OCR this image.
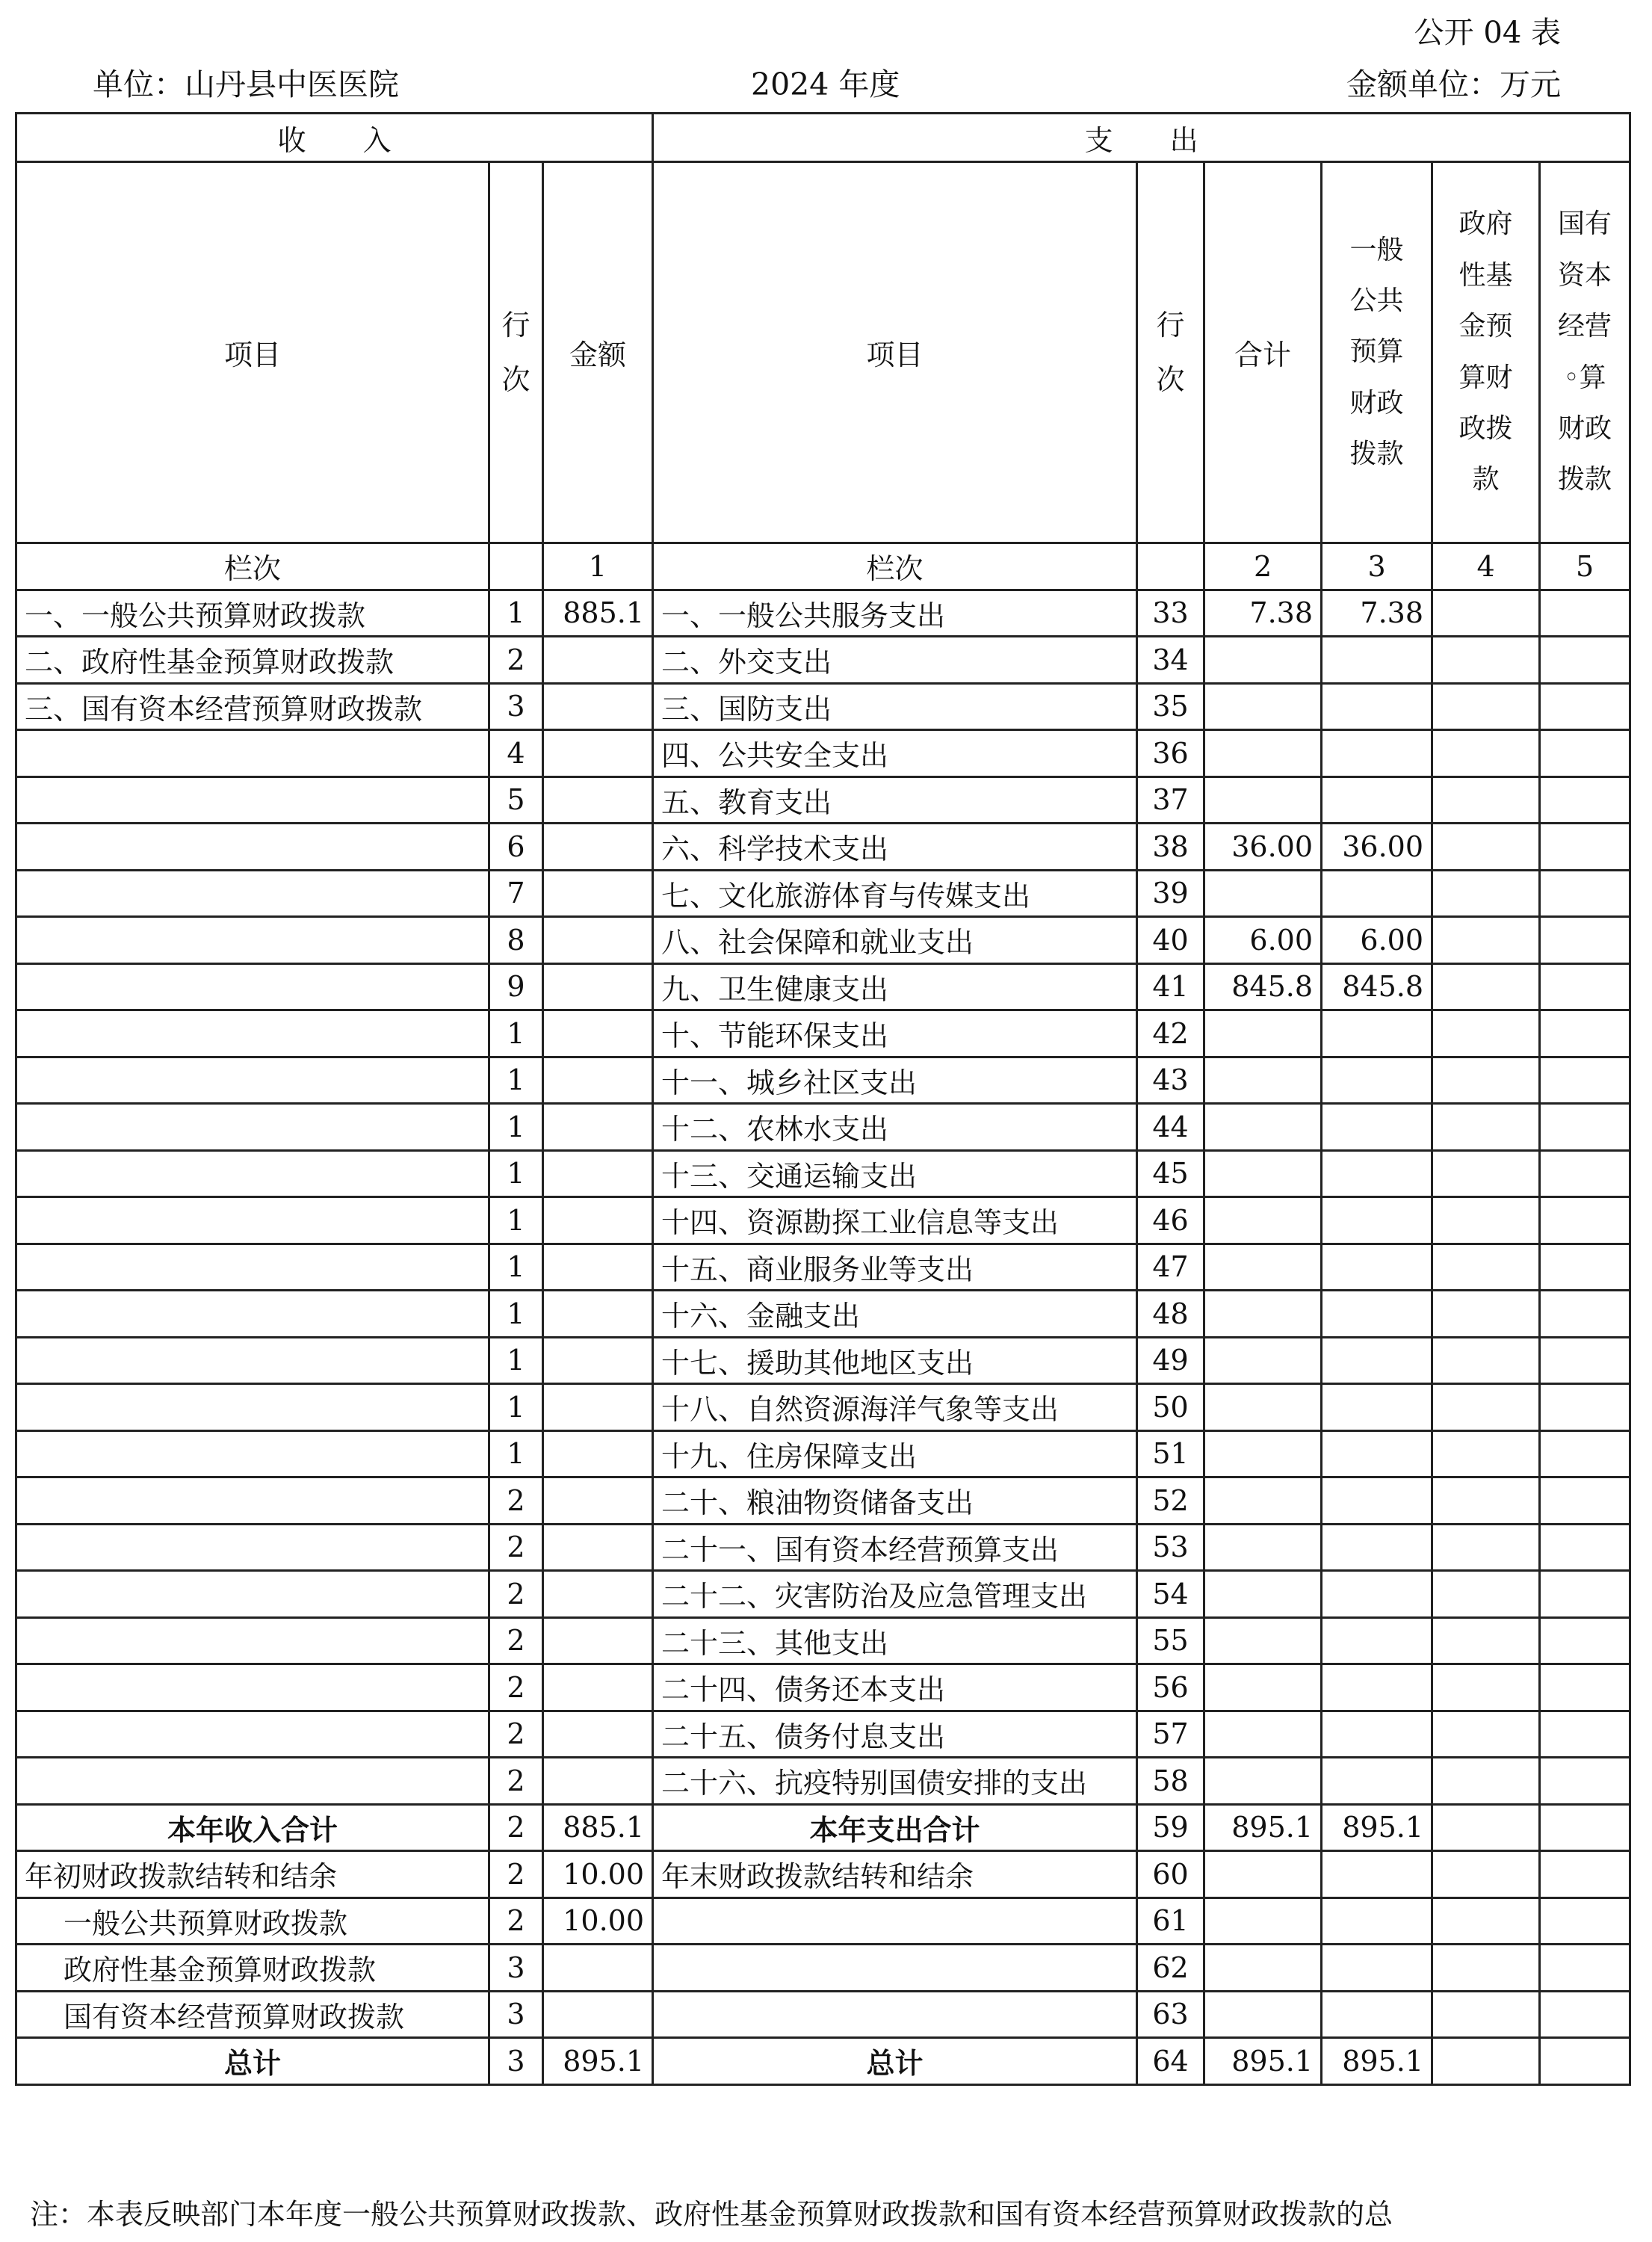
公开 04 表
单位：山丹县中医医院	2024 年度	金额单位：万元
收　　入			支　　出					
项目	行次	金额	项目	行次	合计	一般公共预算财政拨款	政府性基金预算财政拨款	国有资本经营◦算财政拨款
栏次		1	栏次		2	3	4	5
一、一般公共预算财政拨款	1	885.1	一、一般公共服务支出	33	7.38	7.38		
二、政府性基金预算财政拨款	2		二、外交支出	34				
三、国有资本经营预算财政拨款	3		三、国防支出	35				
	4		四、公共安全支出	36				
	5		五、教育支出	37				
	6		六、科学技术支出	38	36.00	36.00		
	7		七、文化旅游体育与传媒支出	39				
	8		八、社会保障和就业支出	40	6.00	6.00		
	9		九、卫生健康支出	41	845.8	845.8		
	1		十、节能环保支出	42				
	1		十一、城乡社区支出	43				
	1		十二、农林水支出	44				
	1		十三、交通运输支出	45				
	1		十四、资源勘探工业信息等支出	46				
	1		十五、商业服务业等支出	47				
	1		十六、金融支出	48				
	1		十七、援助其他地区支出	49				
	1		十八、自然资源海洋气象等支出	50				
	1		十九、住房保障支出	51				
	2		二十、粮油物资储备支出	52				
	2		二十一、国有资本经营预算支出	53				
	2		二十二、灾害防治及应急管理支出	54				
	2		二十三、其他支出	55				
	2		二十四、债务还本支出	56				
	2		二十五、债务付息支出	57				
	2		二十六、抗疫特别国债安排的支出	58				
本年收入合计	2	885.1	本年支出合计	59	895.1	895.1		
年初财政拨款结转和结余	2	10.00	年末财政拨款结转和结余	60				
一般公共预算财政拨款	2	10.00		61				
政府性基金预算财政拨款	3			62				
国有资本经营预算财政拨款	3			63				
总计	3	895.1	总计	64	895.1	895.1		
注：本表反映部门本年度一般公共预算财政拨款、政府性基金预算财政拨款和国有资本经营预算财政拨款的总
